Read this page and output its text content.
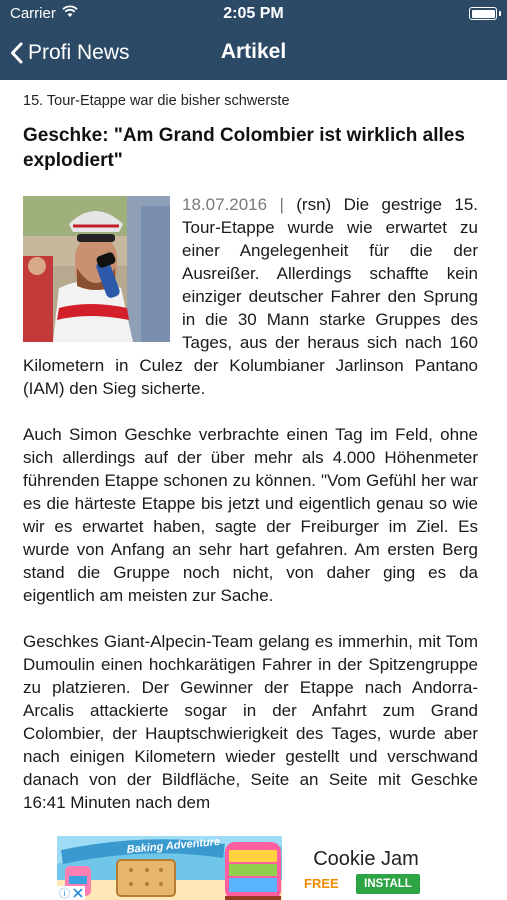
Carrier	2:05 PM
Profi News	Artikel
15. Tour-Etappe war die bisher schwerste
Geschke: "Am Grand Colombier ist wirklich alles explodiert"

18.07.2016 | (rsn) Die gestrige 15. Tour-Etappe wurde wie erwartet zu einer Angelegenheit für die der Ausreißer. Allerdings schaffte kein einziger deutscher Fahrer den Sprung in die 30 Mann starke Gruppes des Tages, aus der heraus sich nach 160 Kilometern in Culez der Kolumbianer Jarlinson Pantano (IAM) den Sieg sicherte.

Auch Simon Geschke verbrachte einen Tag im Feld, ohne sich allerdings auf der über mehr als 4.000 Höhenmeter führenden Etappe schonen zu können. "Vom Gefühl her war es die härteste Etappe bis jetzt und eigentlich genau so wie wir es erwartet haben, sagte der Freiburger im Ziel. Es wurde von Anfang an sehr hart gefahren. Am ersten Berg stand die Gruppe noch nicht, von daher ging es da eigentlich am meisten zur Sache.

Geschkes Giant-Alpecin-Team gelang es immerhin, mit Tom Dumoulin einen hochkarätigen Fahrer in der Spitzengruppe zu platzieren. Der Gewinner der Etappe nach Andorra-Arcalis attackierte sogar in der Anfahrt zum Grand Colombier, der Hauptschwierigkeit des Tages, wurde aber nach einigen Kilometern wieder gestellt und verschwand danach von der Bildfläche, Seite an Seite mit Geschke 16:41 Minuten nach dem

Baking Adventure
ⓘ
Cookie Jam
FREE	INSTALL
